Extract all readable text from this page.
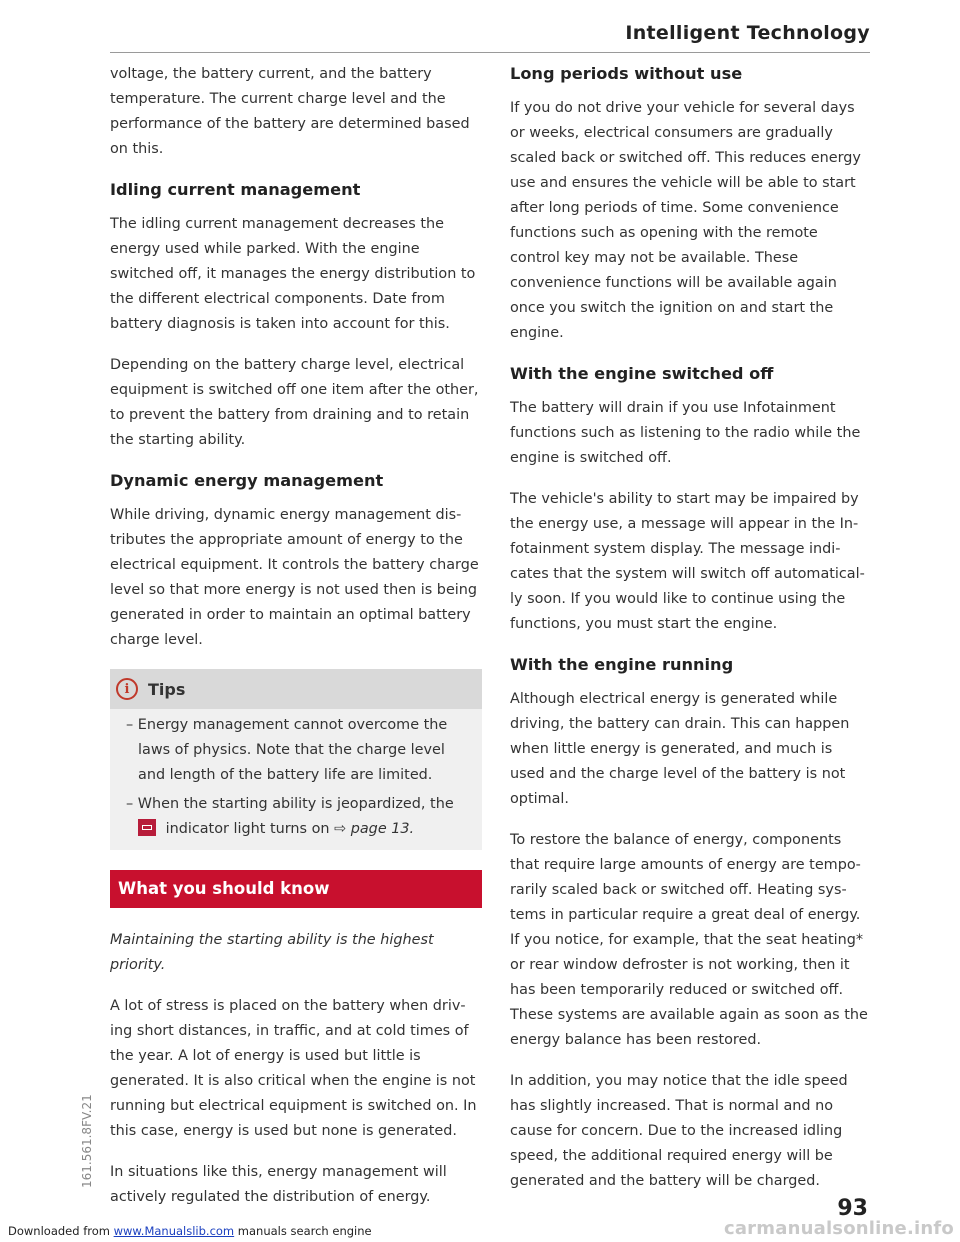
Intelligent Technology

voltage, the battery current, and the battery temperature. The current charge level and the performance of the battery are determined based on this.

Idling current management

The idling current management decreases the energy used while parked. With the engine switched off, it manages the energy distribution to the different electrical components. Date from battery diagnosis is taken into account for this.

Depending on the battery charge level, electrical equipment is switched off one item after the other, to prevent the battery from draining and to retain the starting ability.

Dynamic energy management

While driving, dynamic energy management distributes the appropriate amount of energy to the electrical equipment. It controls the battery charge level so that more energy is not used then is being generated in order to maintain an optimal battery charge level.

i	Tips
– Energy management cannot overcome the laws of physics. Note that the charge level and length of the battery life are limited.
– When the starting ability is jeopardized, the
indicator light turns on ⇨ page 13.
What you should know

Maintaining the starting ability is the highest priority.

A lot of stress is placed on the battery when driving short distances, in traffic, and at cold times of the year. A lot of energy is used but little is generated. It is also critical when the engine is not running but electrical equipment is switched on. In this case, energy is used but none is generated.

In situations like this, energy management will actively regulated the distribution of energy.

Long periods without use

If you do not drive your vehicle for several days or weeks, electrical consumers are gradually scaled back or switched off. This reduces energy use and ensures the vehicle will be able to start after long periods of time. Some convenience functions such as opening with the remote control key may not be available. These convenience functions will be available again once you switch the ignition on and start the engine.

With the engine switched off

The battery will drain if you use Infotainment functions such as listening to the radio while the engine is switched off.

The vehicle's ability to start may be impaired by the energy use, a message will appear in the Infotainment system display. The message indicates that the system will switch off automatically soon. If you would like to continue using the functions, you must start the engine.

With the engine running

Although electrical energy is generated while driving, the battery can drain. This can happen when little energy is generated, and much is used and the charge level of the battery is not optimal.

To restore the balance of energy, components that require large amounts of energy are temporarily scaled back or switched off. Heating systems in particular require a great deal of energy. If you notice, for example, that the seat heating* or rear window defroster is not working, then it has been temporarily reduced or switched off. These systems are available again as soon as the energy balance has been restored.

In addition, you may notice that the idle speed has slightly increased. That is normal and no cause for concern. Due to the increased idling speed, the additional required energy will be generated and the battery will be charged.

161.561.8FV.21
93
Downloaded from www.Manualslib.com manuals search engine	carmanualsonline.info
